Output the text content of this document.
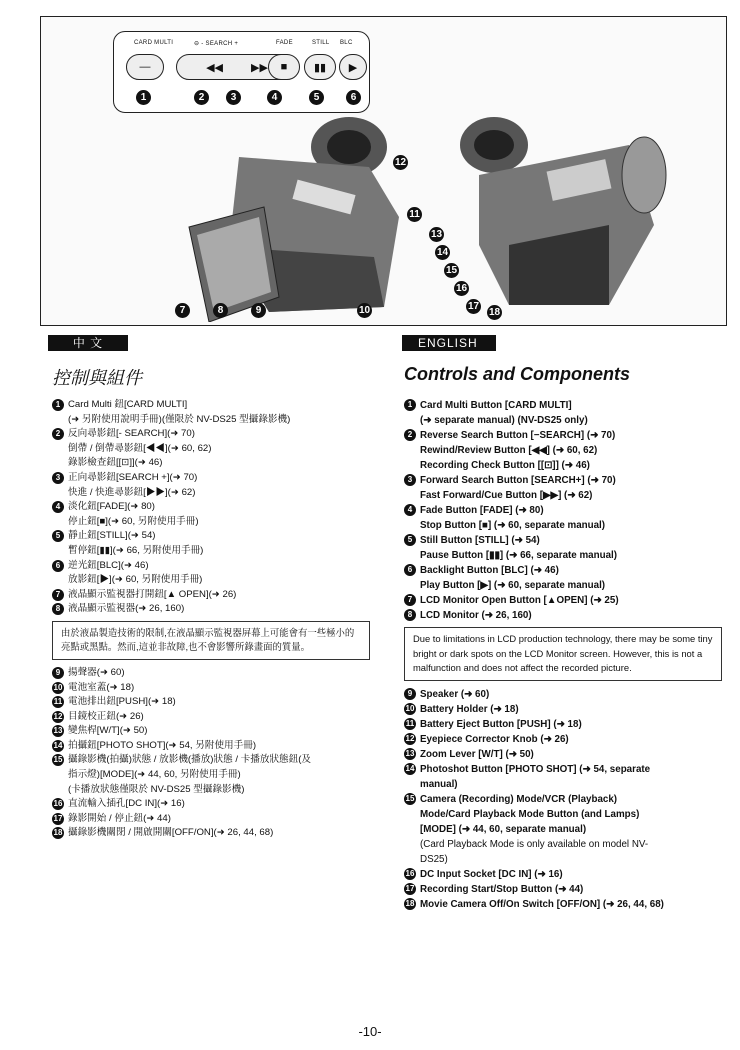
CARD MULTI	⊖ - SEARCH +	FADE	STILL BLC
—	◀◀	▶▶ ■ ▮▮ ▶
1	2	3	4	5	6
12
11
7	8	9	10
13
14
15
16
17
18
中 文
控制與組件

1 Card Multi 鈕[CARD MULTI]
(➜ 另附使用說明手冊)(僅限於 NV-DS25 型攝錄影機)

2 反向尋影鈕[- SEARCH](➜ 70)
倒帶 / 倒帶尋影鈕[◀◀](➜ 60, 62)
錄影檢查鈕[[⊡]](➜ 46)

3 正向尋影鈕[SEARCH +](➜ 70)
快進 / 快進尋影鈕[▶▶](➜ 62)

4 淡化鈕[FADE](➜ 80)
停止鈕[■](➜ 60, 另附使用手冊)

5 靜止鈕[STILL](➜ 54)
暫停鈕[▮▮](➜ 66, 另附使用手冊)

6 逆光鈕[BLC](➜ 46)
放影鈕[▶](➜ 60, 另附使用手冊)

7 液晶顯示監視器打開鈕[▲ OPEN](➜ 26)

8 液晶顯示監視器(➜ 26, 160)

由於液晶製造技術的限制,在液晶顯示監視器屏幕上可能會有一些極小的亮點或黑點。然而,這並非故障,也不會影響所錄畫面的質量。

9 揚聲器(➜ 60)

10 電池室蓋(➜ 18)

11 電池排出鈕[PUSH](➜ 18)

12 目鏡校正鈕(➜ 26)

13 變焦桿[W/T](➜ 50)

14 拍攝鈕[PHOTO SHOT](➜ 54, 另附使用手冊)

15 攝錄影機(拍攝)狀態 / 放影機(播放)狀態 / 卡播放狀態鈕(及
指示燈)[MODE](➜ 44, 60, 另附使用手冊)
(卡播放狀態僅限於 NV-DS25 型攝錄影機)

16 直流輸入插孔[DC IN](➜ 16)

17 錄影開始 / 停止鈕(➜ 44)

18 攝錄影機關閉 / 開啟開關[OFF/ON](➜ 26, 44, 68)

ENGLISH
Controls and Components

1 Card Multi Button [CARD MULTI]
(➜ separate manual) (NV-DS25 only)

2 Reverse Search Button [−SEARCH] (➜ 70)
Rewind/Review Button [◀◀] (➜ 60, 62)
Recording Check Button [[⊡]] (➜ 46)

3 Forward Search Button [SEARCH+] (➜ 70)
Fast Forward/Cue Button [▶▶] (➜ 62)

4 Fade Button [FADE] (➜ 80)
Stop Button [■] (➜ 60, separate manual)

5 Still Button [STILL] (➜ 54)
Pause Button [▮▮] (➜ 66, separate manual)

6 Backlight Button [BLC] (➜ 46)
Play Button [▶] (➜ 60, separate manual)

7 LCD Monitor Open Button [▲OPEN] (➜ 25)

8 LCD Monitor (➜ 26, 160)

Due to limitations in LCD production technology, there may be some tiny bright or dark spots on the LCD Monitor screen. However, this is not a malfunction and does not affect the recorded picture.

9 Speaker (➜ 60)

10 Battery Holder (➜ 18)

11 Battery Eject Button [PUSH] (➜ 18)

12 Eyepiece Corrector Knob (➜ 26)

13 Zoom Lever [W/T] (➜ 50)

14 Photoshot Button [PHOTO SHOT] (➜ 54, separate
manual)

15 Camera (Recording) Mode/VCR (Playback)
Mode/Card Playback Mode Button (and Lamps)
[MODE] (➜ 44, 60, separate manual)
(Card Playback Mode is only available on model NV-
DS25)

16 DC Input Socket [DC IN] (➜ 16)

17 Recording Start/Stop Button (➜ 44)

18 Movie Camera Off/On Switch [OFF/ON] (➜ 26, 44, 68)

-10-
